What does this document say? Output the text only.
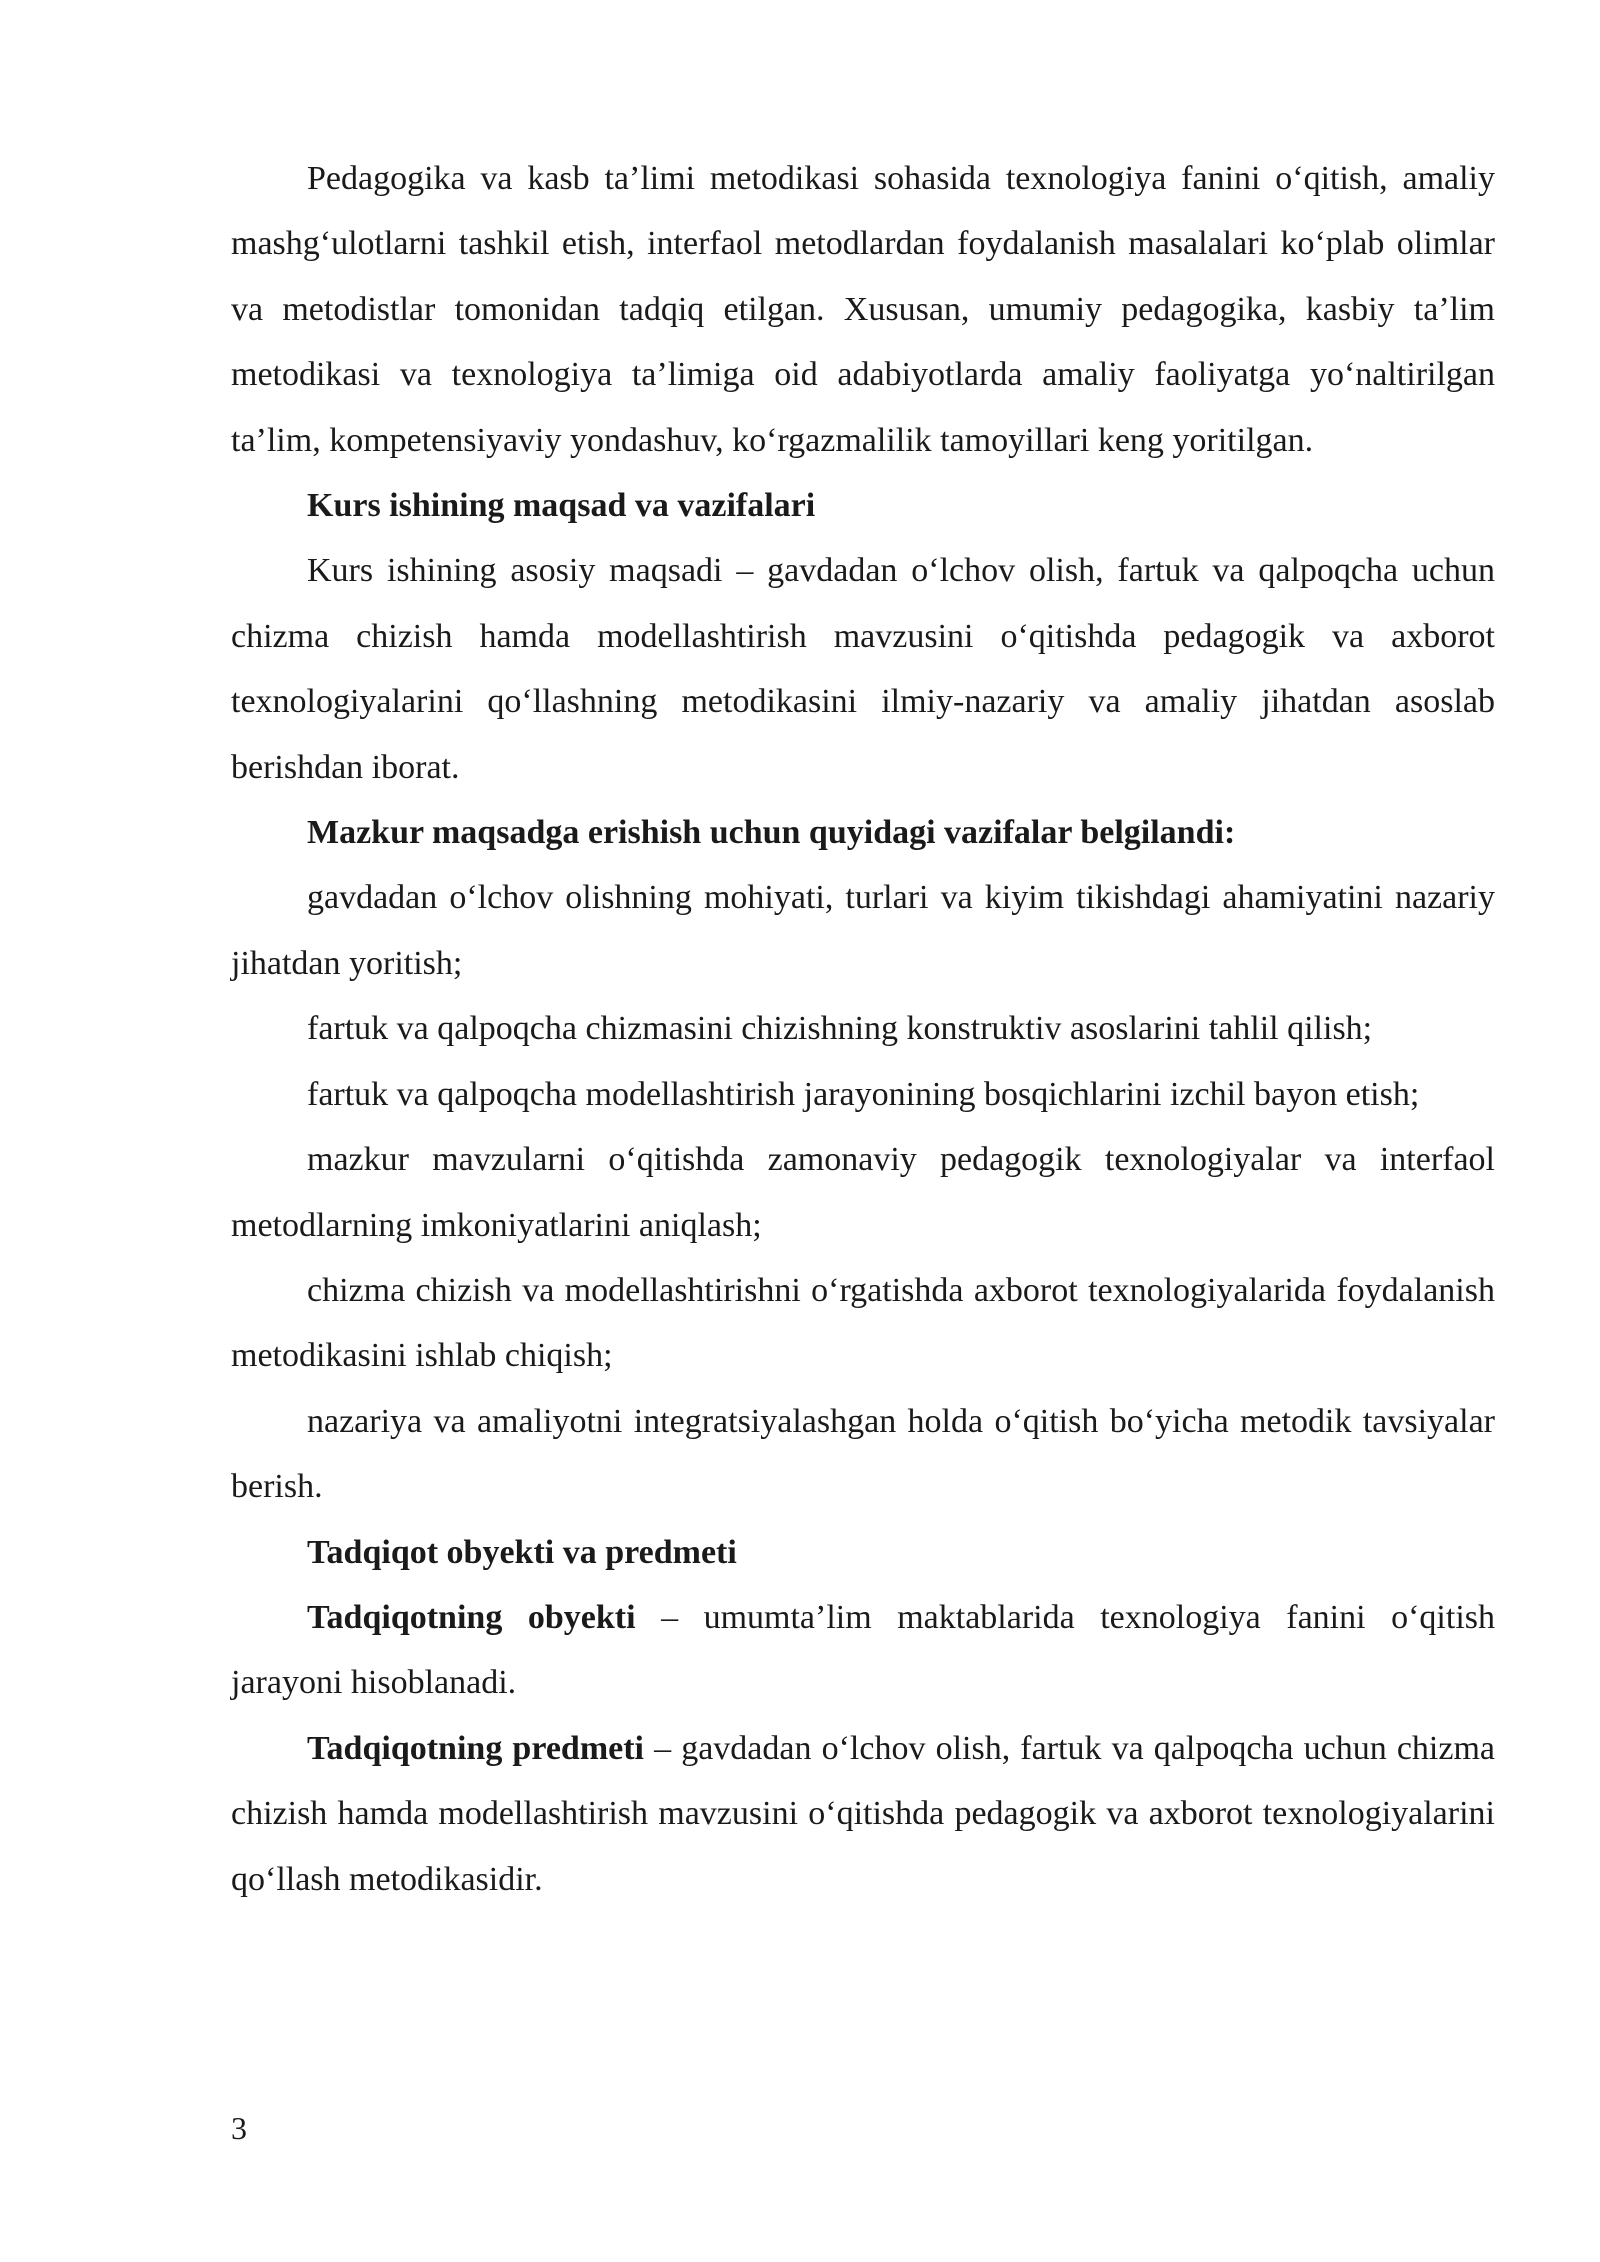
Pedagogika va kasb ta’limi metodikasi sohasida texnologiya fanini o‘qitish, amaliy mashg‘ulotlarni tashkil etish, interfaol metodlardan foydalanish masalalari ko‘plab olimlar va metodistlar tomonidan tadqiq etilgan. Xususan, umumiy pedagogika, kasbiy ta’lim metodikasi va texnologiya ta’limiga oid adabiyotlarda amaliy faoliyatga yo‘naltirilgan ta’lim, kompetensiyaviy yondashuv, ko‘rgazmalilik tamoyillari keng yoritilgan.

Kurs ishining maqsad va vazifalari

Kurs ishining asosiy maqsadi – gavdadan o‘lchov olish, fartuk va qalpoqcha uchun chizma chizish hamda modellashtirish mavzusini o‘qitishda pedagogik va axborot texnologiyalarini qo‘llashning metodikasini ilmiy-nazariy va amaliy jihatdan asoslab berishdan iborat.

Mazkur maqsadga erishish uchun quyidagi vazifalar belgilandi:

gavdadan o‘lchov olishning mohiyati, turlari va kiyim tikishdagi ahamiyatini nazariy jihatdan yoritish;

fartuk va qalpoqcha chizmasini chizishning konstruktiv asoslarini tahlil qilish;

fartuk va qalpoqcha modellashtirish jarayonining bosqichlarini izchil bayon etish;

mazkur mavzularni o‘qitishda zamonaviy pedagogik texnologiyalar va interfaol metodlarning imkoniyatlarini aniqlash;

chizma chizish va modellashtirishni o‘rgatishda axborot texnologiyalarida foydalanish metodikasini ishlab chiqish;

nazariya va amaliyotni integratsiyalashgan holda o‘qitish bo‘yicha metodik tavsiyalar berish.

Tadqiqot obyekti va predmeti

Tadqiqotning obyekti – umumta’lim maktablarida texnologiya fanini o‘qitish jarayoni hisoblanadi.

Tadqiqotning predmeti – gavdadan o‘lchov olish, fartuk va qalpoqcha uchun chizma chizish hamda modellashtirish mavzusini o‘qitishda pedagogik va axborot texnologiyalarini qo‘llash metodikasidir.

3
